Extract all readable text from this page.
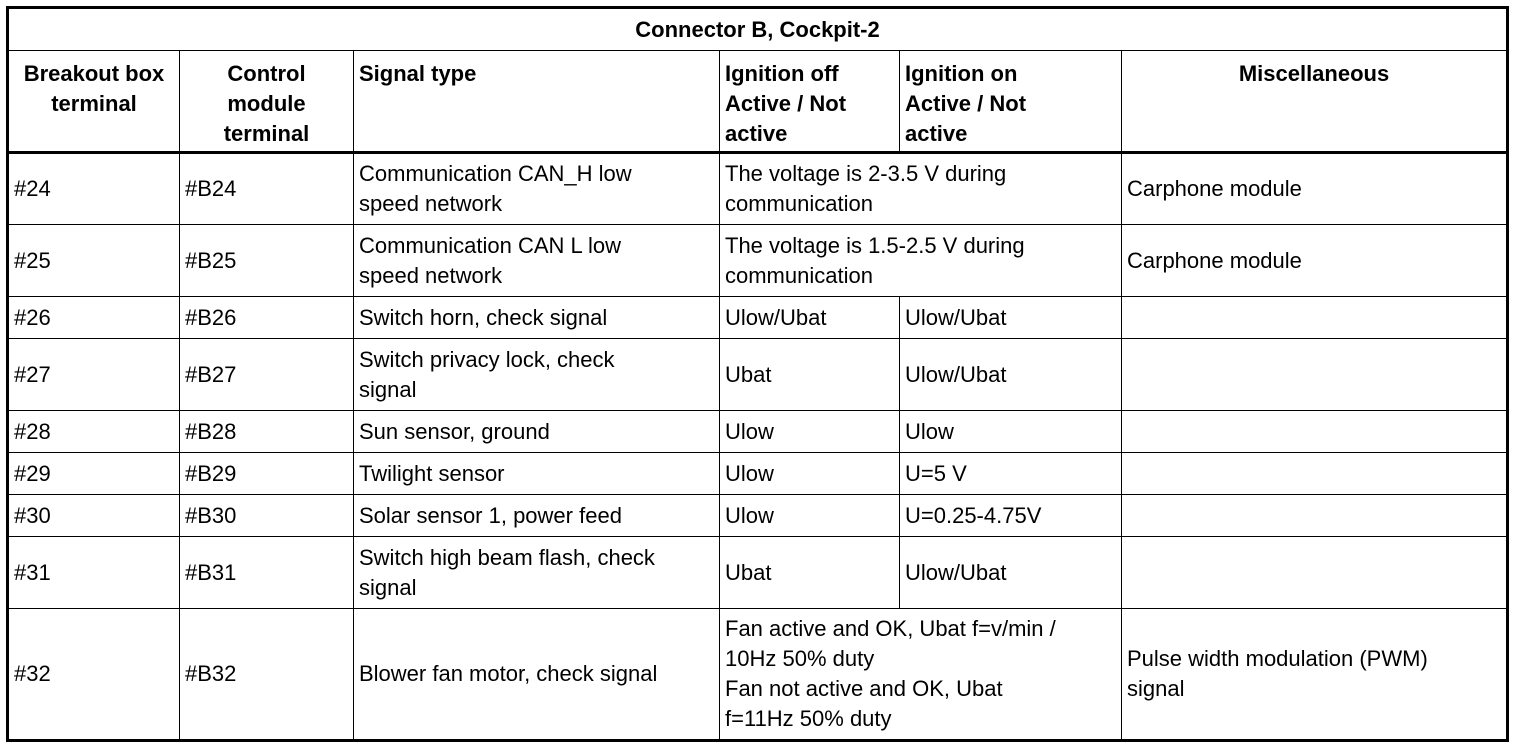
Connector B, Cockpit-2					

Breakout box
terminal	Control
module
terminal	Signal type	Ignition off
Active / Not
active	Ignition on
Active / Not
active	Miscellaneous

#24	#B24	Communication CAN_H low
speed network	The voltage is 2-3.5 V during
communication		Carphone module

#25	#B25	Communication CAN L low
speed network	The voltage is 1.5-2.5 V during
communication		Carphone module

#26	#B26	Switch horn, check signal	Ulow/Ubat	Ulow/Ubat	

#27	#B27	Switch privacy lock, check
signal	Ubat	Ulow/Ubat	

#28	#B28	Sun sensor, ground	Ulow	Ulow	

#29	#B29	Twilight sensor	Ulow	U=5 V	

#30	#B30	Solar sensor 1, power feed	Ulow	U=0.25-4.75V	

#31	#B31	Switch high beam flash, check
signal	Ubat	Ulow/Ubat	

#32	#B32	Blower fan motor, check signal	Fan active and OK, Ubat f=v/min /
10Hz 50% duty
Fan not active and OK, Ubat
f=11Hz 50% duty		Pulse width modulation (PWM)
signal
